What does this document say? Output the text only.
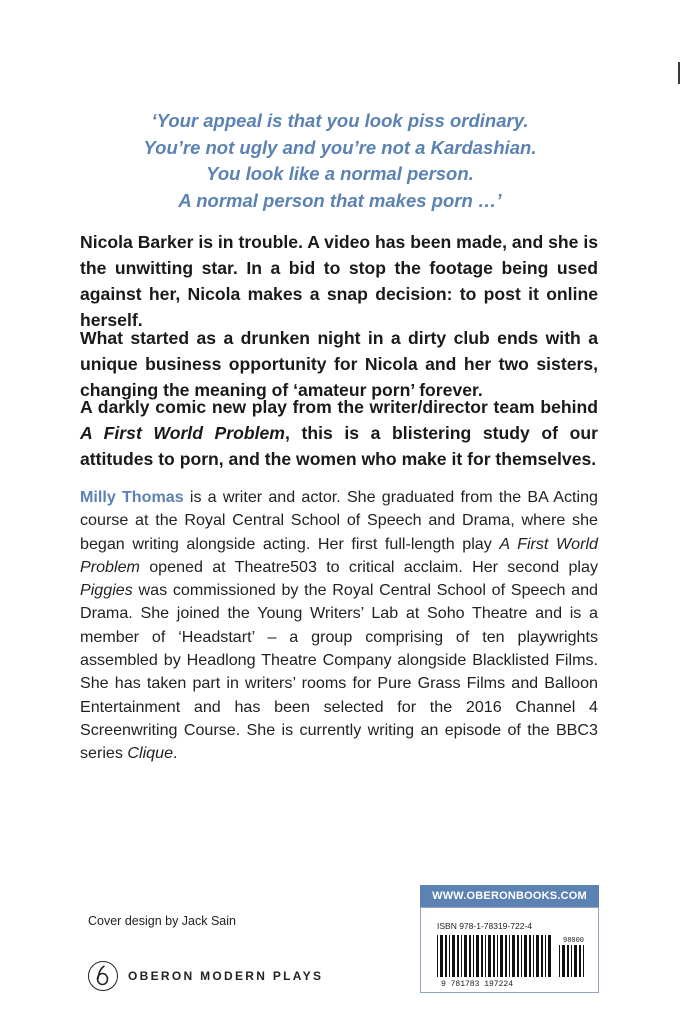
‘Your appeal is that you look piss ordinary.
You’re not ugly and you’re not a Kardashian.
You look like a normal person.
A normal person that makes porn …’

Nicola Barker is in trouble. A video has been made, and she is the unwitting star. In a bid to stop the footage being used against her, Nicola makes a snap decision: to post it online herself.

What started as a drunken night in a dirty club ends with a unique business opportunity for Nicola and her two sisters, changing the meaning of ‘amateur porn’ forever.

A darkly comic new play from the writer/director team behind A First World Problem, this is a blistering study of our attitudes to porn, and the women who make it for themselves.

Milly Thomas is a writer and actor. She graduated from the BA Acting course at the Royal Central School of Speech and Drama, where she began writing alongside acting. Her first full-length play A First World Problem opened at Theatre503 to critical acclaim. Her second play Piggies was commissioned by the Royal Central School of Speech and Drama. She joined the Young Writers’ Lab at Soho Theatre and is a member of ‘Headstart’ – a group comprising of ten playwrights assembled by Headlong Theatre Company alongside Blacklisted Films. She has taken part in writers’ rooms for Pure Grass Films and Balloon Entertainment and has been selected for the 2016 Channel 4 Screenwriting Course. She is currently writing an episode of the BBC3 series Clique.

Cover design by Jack Sain
OBERON MODERN PLAYS
WWW.OBERONBOOKS.COM
ISBN 978-1-78319-722-4
9 781783 197224
98000
